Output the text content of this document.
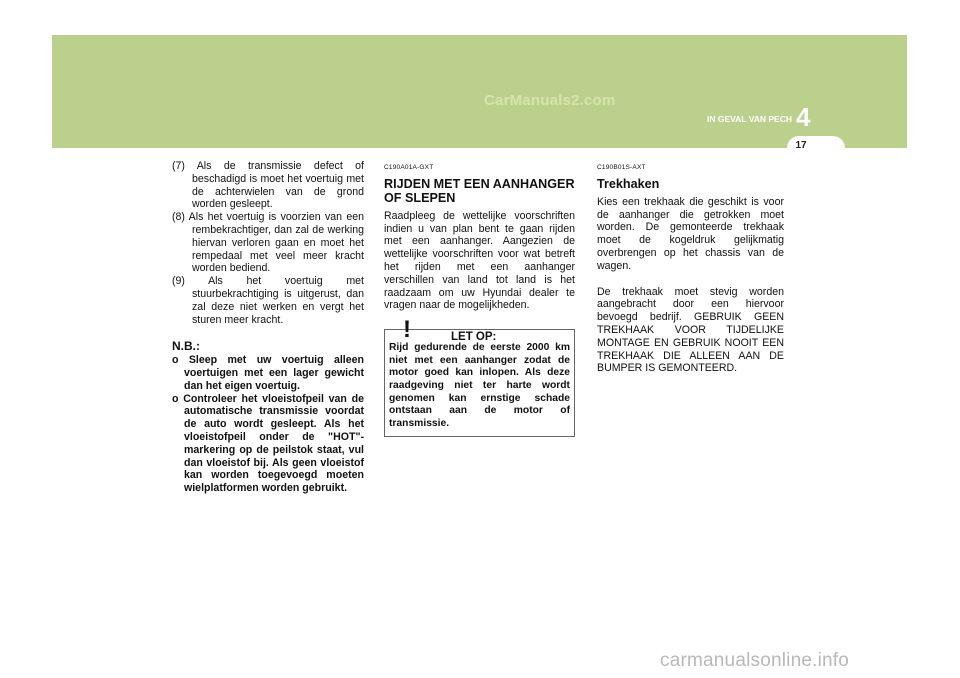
CarManuals2.com
IN GEVAL VAN PECH 4
17

(7) Als de transmissie defect of beschadigd is moet het voertuig met de achterwielen van de grond worden gesleept.

(8) Als het voertuig is voorzien van een rembekrachtiger, dan zal de werking hiervan verloren gaan en moet het rempedaal met veel meer kracht worden bediend.

(9) Als het voertuig met stuurbekrachtiging is uitgerust, dan zal deze niet werken en vergt het sturen meer kracht.

N.B.:

o Sleep met uw voertuig alleen voertuigen met een lager gewicht dan het eigen voertuig.

o Controleer het vloeistofpeil van de automatische transmissie voordat de auto wordt gesleept. Als het vloeistofpeil onder de "HOT"-markering op de peilstok staat, vul dan vloeistof bij. Als geen vloeistof kan worden toegevoegd moeten wielplatformen worden gebruikt.

C190A01A-GXT
RIJDEN MET EEN AANHANGER OF SLEPEN

Raadpleeg de wettelijke voorschriften indien u van plan bent te gaan rijden met een aanhanger. Aangezien de wettelijke voorschriften voor wat betreft het rijden met een aanhanger verschillen van land tot land is het raadzaam om uw Hyundai dealer te vragen naar de mogelijkheden.

!	LET OP:

Rijd gedurende de eerste 2000 km niet met een aanhanger zodat de motor goed kan inlopen. Als deze raadgeving niet ter harte wordt genomen kan ernstige schade ontstaan aan de motor of transmissie.

C190B01S-AXT
Trekhaken

Kies een trekhaak die geschikt is voor de aanhanger die getrokken moet worden. De gemonteerde trekhaak moet de kogeldruk gelijkmatig overbrengen op het chassis van de wagen.

De trekhaak moet stevig worden aangebracht door een hiervoor bevoegd bedrijf. GEBRUIK GEEN TREKHAAK VOOR TIJDELIJKE MONTAGE EN GEBRUIK NOOIT EEN TREKHAAK DIE ALLEEN AAN DE BUMPER IS GEMONTEERD.

carmanualsonline.info
